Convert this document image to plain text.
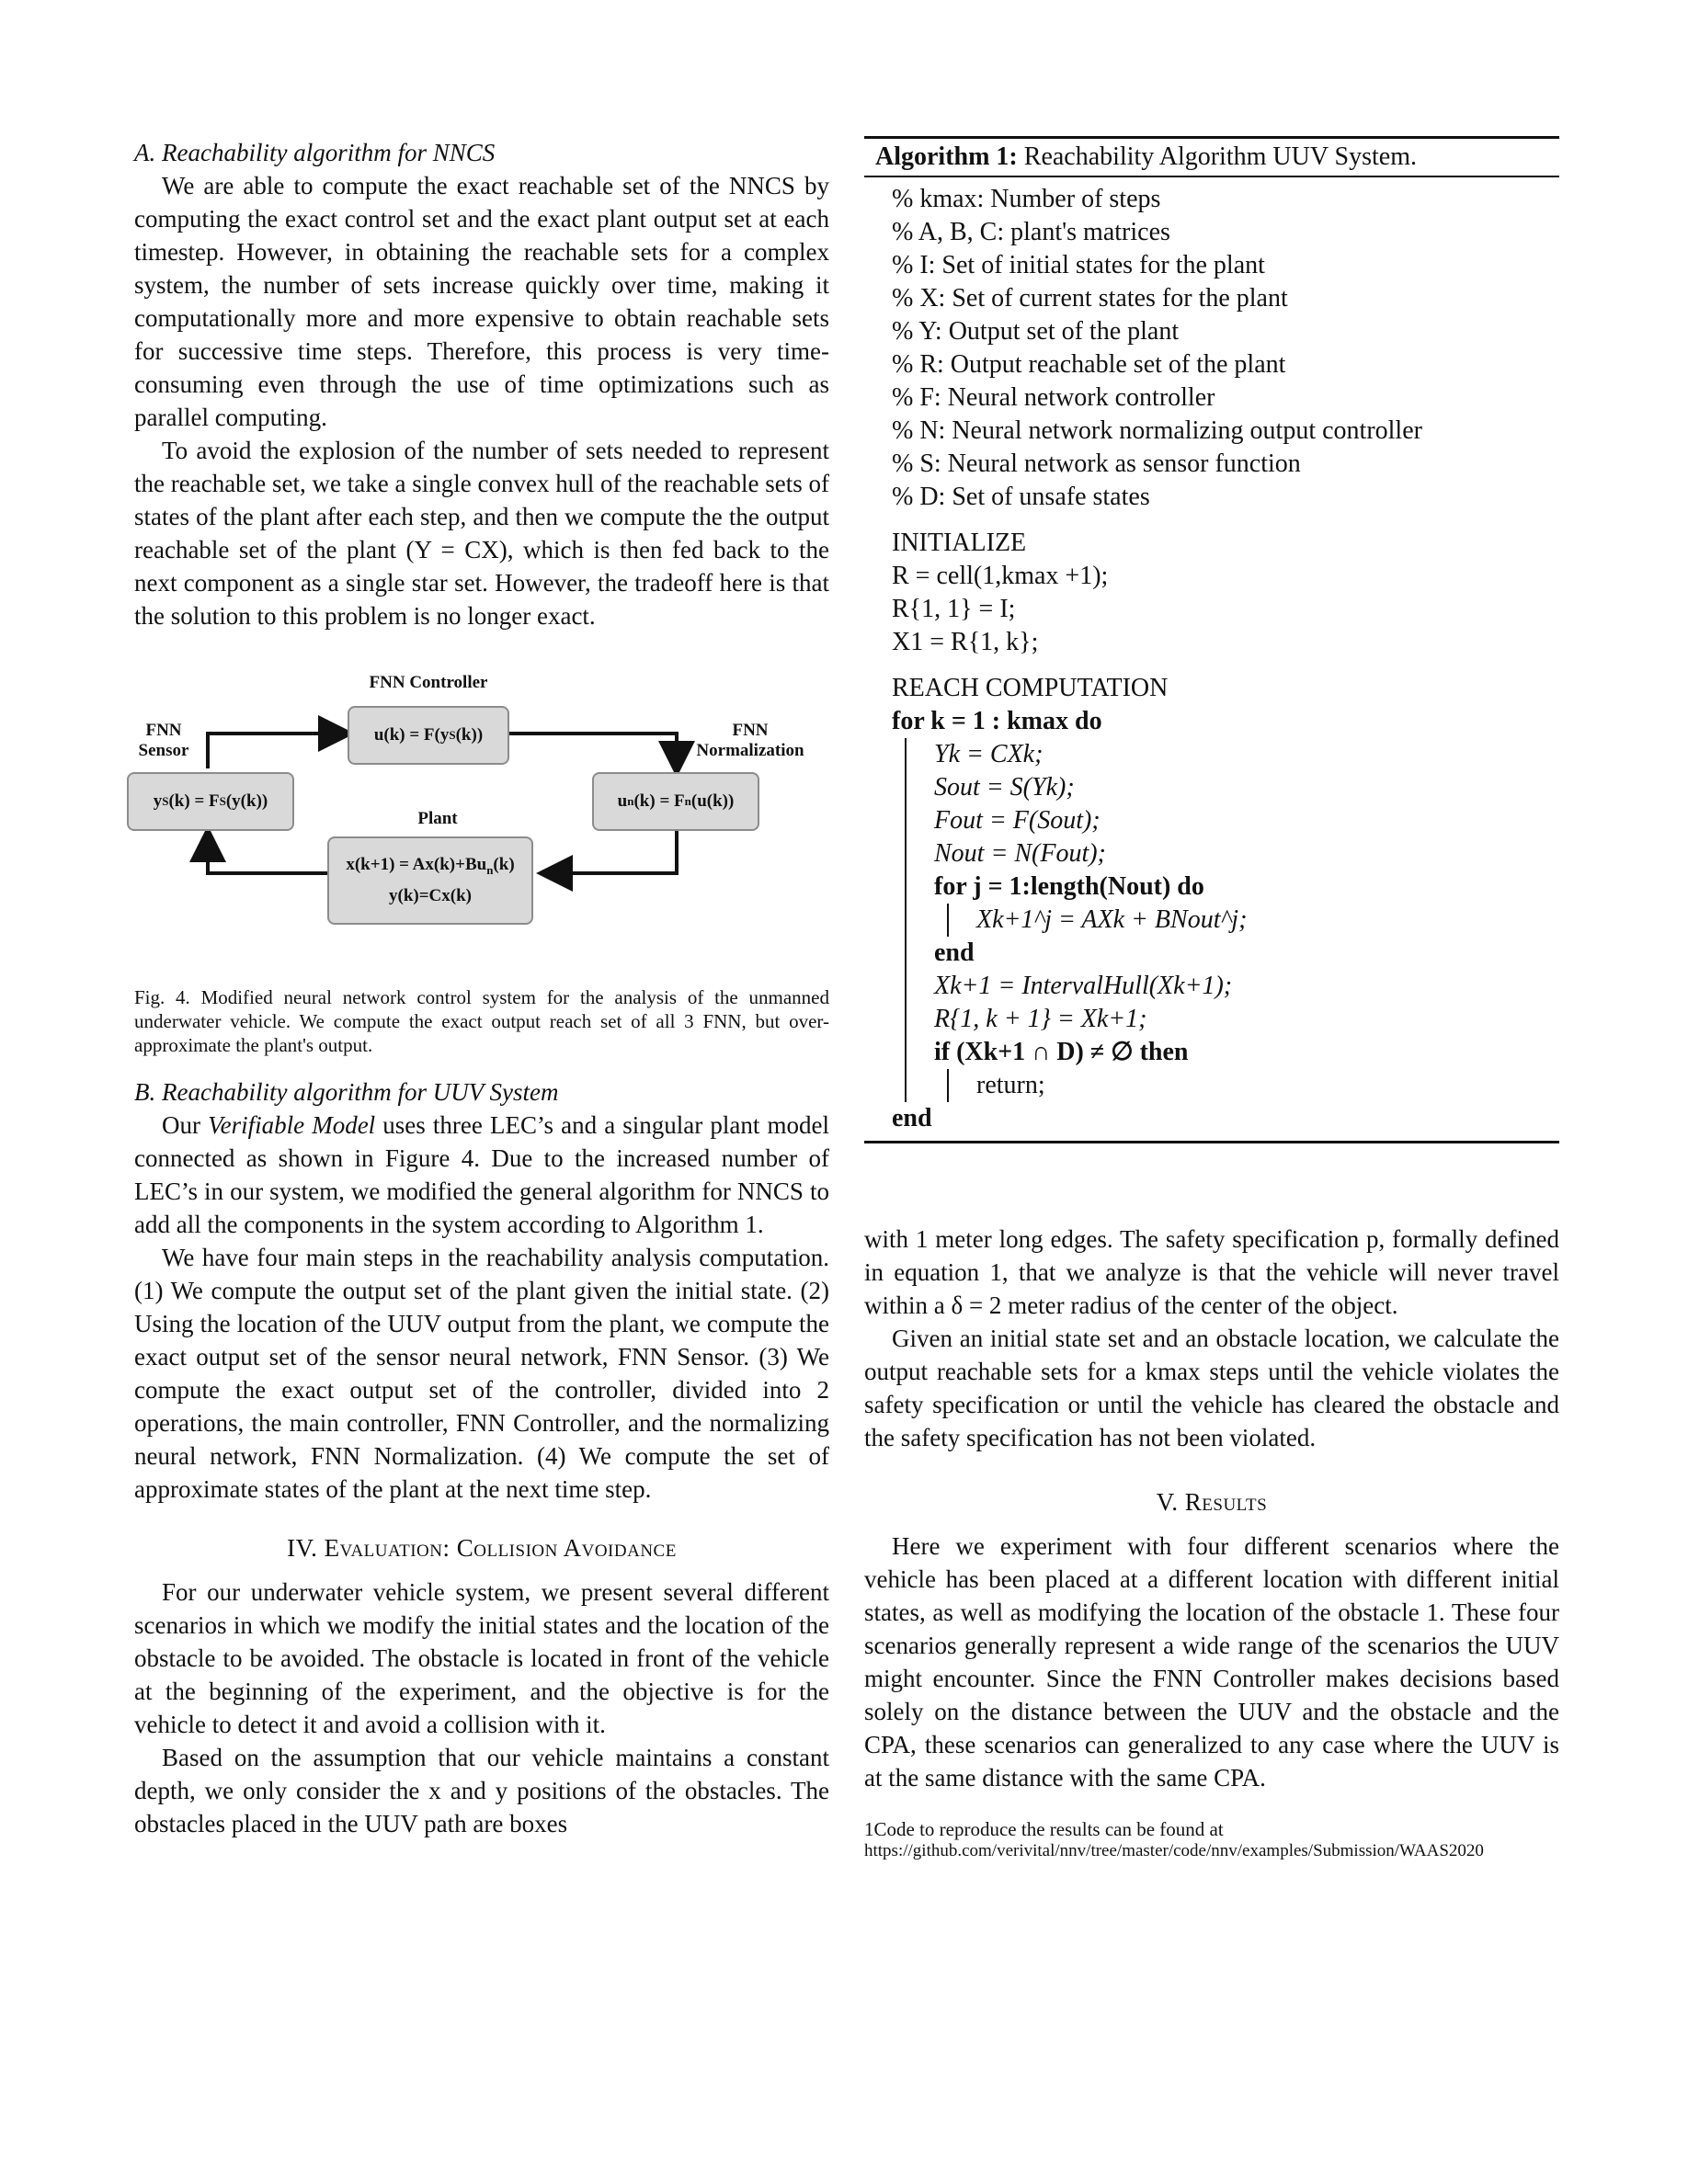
A. Reachability algorithm for NNCS

We are able to compute the exact reachable set of the NNCS by computing the exact control set and the exact plant output set at each timestep. However, in obtaining the reachable sets for a complex system, the number of sets increase quickly over time, making it computationally more and more expensive to obtain reachable sets for successive time steps. Therefore, this process is very time-consuming even through the use of time optimizations such as parallel computing.

To avoid the explosion of the number of sets needed to represent the reachable set, we take a single convex hull of the reachable sets of states of the plant after each step, and then we compute the the output reachable set of the plant (Y = CX), which is then fed back to the next component as a single star set. However, the tradeoff here is that the solution to this problem is no longer exact.

FNN Controller
u(k) = F(y S (k))
FNN
Sensor
y S (k) = F S (y(k))
FNN
Normalization
u n (k) = F n (u(k))
Plant
$x(k+1) = Ax(k)+Bu_n(k)$
y(k)=Cx(k)

Fig. 4. Modified neural network control system for the analysis of the unmanned underwater vehicle. We compute the exact output reach set of all 3 FNN, but over-approximate the plant's output.

B. Reachability algorithm for UUV System

Our Verifiable Model uses three LEC’s and a singular plant model connected as shown in Figure 4. Due to the increased number of LEC’s in our system, we modified the general algorithm for NNCS to add all the components in the system according to Algorithm 1.

We have four main steps in the reachability analysis computation. (1) We compute the output set of the plant given the initial state. (2) Using the location of the UUV output from the plant, we compute the exact output set of the sensor neural network, FNN Sensor. (3) We compute the exact output set of the controller, divided into 2 operations, the main controller, FNN Controller, and the normalizing neural network, FNN Normalization. (4) We compute the set of approximate states of the plant at the next time step.

IV. Evaluation: Collision Avoidance

For our underwater vehicle system, we present several different scenarios in which we modify the initial states and the location of the obstacle to be avoided. The obstacle is located in front of the vehicle at the beginning of the experiment, and the objective is for the vehicle to detect it and avoid a collision with it.

Based on the assumption that our vehicle maintains a constant depth, we only consider the x and y positions of the obstacles. The obstacles placed in the UUV path are boxes

Algorithm 1: Reachability Algorithm UUV System.
% kmax: Number of steps
% A, B, C: plant's matrices
% I: Set of initial states for the plant
% X: Set of current states for the plant
% Y: Output set of the plant
% R: Output reachable set of the plant
% F: Neural network controller
% N: Neural network normalizing output controller
% S: Neural network as sensor function
% D: Set of unsafe states
INITIALIZE
R = cell(1,kmax +1);
R{1, 1} = I;
X1 = R{1, k};
REACH COMPUTATION
for k = 1 : kmax do
Yk = CXk;
Sout = S(Yk);
Fout = F(Sout);
Nout = N(Fout);
for j = 1:length(Nout) do
Xk+1^j = AXk + BNout^j;
end
Xk+1 = IntervalHull(Xk+1);
R{1, k + 1} = Xk+1;
if (Xk+1 ∩ D) ≠ ∅ then
return;
end

with 1 meter long edges. The safety specification p, formally defined in equation 1, that we analyze is that the vehicle will never travel within a δ = 2 meter radius of the center of the object.

Given an initial state set and an obstacle location, we calculate the output reachable sets for a kmax steps until the vehicle violates the safety specification or until the vehicle has cleared the obstacle and the safety specification has not been violated.

V. Results

Here we experiment with four different scenarios where the vehicle has been placed at a different location with different initial states, as well as modifying the location of the obstacle 1. These four scenarios generally represent a wide range of the scenarios the UUV might encounter. Since the FNN Controller makes decisions based solely on the distance between the UUV and the obstacle and the CPA, these scenarios can generalized to any case where the UUV is at the same distance with the same CPA.

1Code to reproduce the results can be found at
https://github.com/verivital/nnv/tree/master/code/nnv/examples/Submission/WAAS2020
